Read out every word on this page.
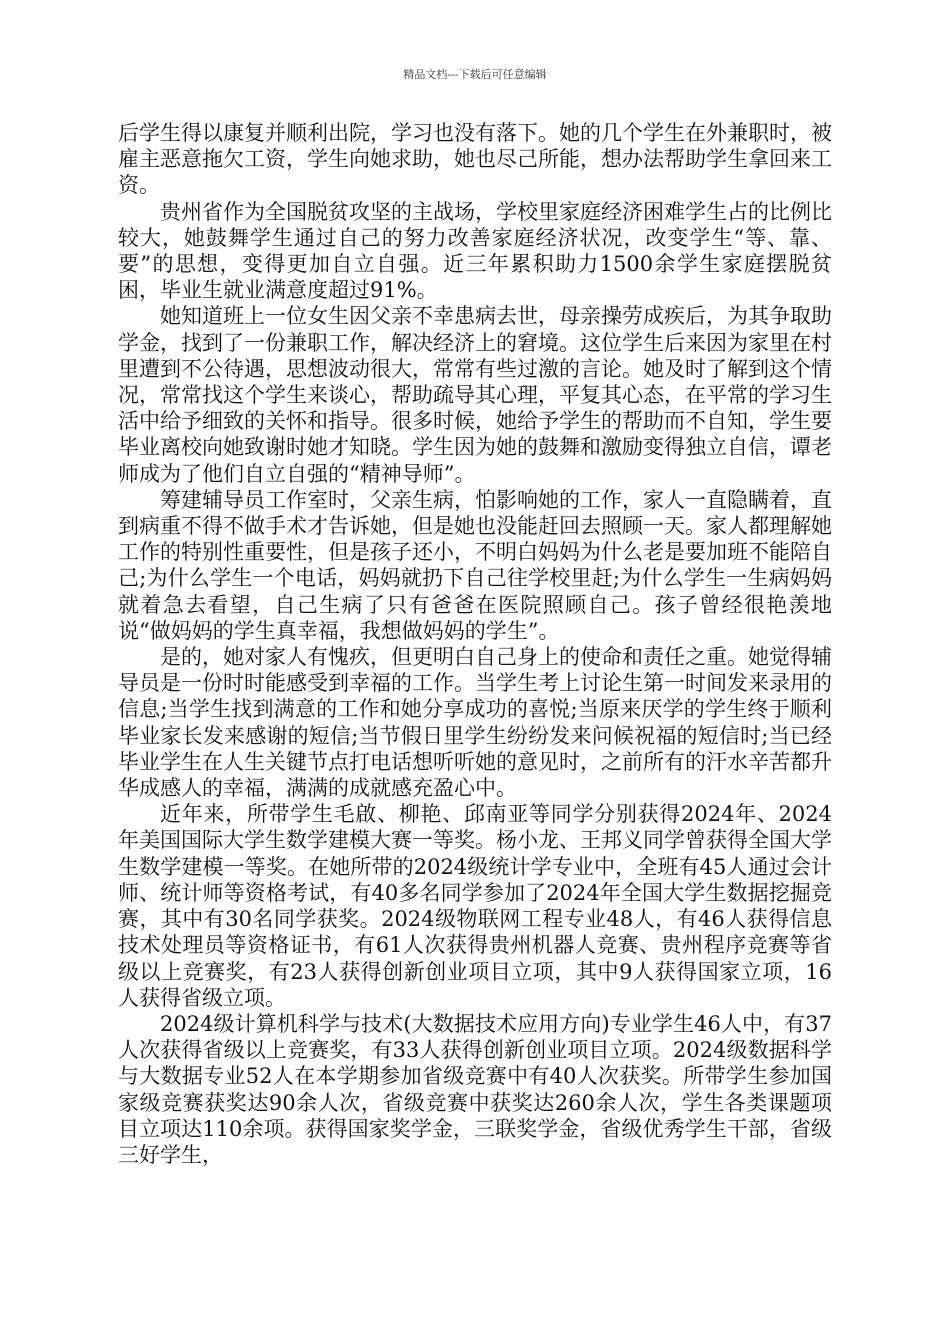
精品文档---下载后可任意编辑

后学生得以康复并顺利出院，学习也没有落下。她的几个学生在外兼职时，被雇主恶意拖欠工资，学生向她求助，她也尽己所能，想办法帮助学生拿回来工资。

贵州省作为全国脱贫攻坚的主战场，学校里家庭经济困难学生占的比例比较大，她鼓舞学生通过自己的努力改善家庭经济状况，改变学生“等、靠、要”的思想，变得更加自立自强。近三年累积助力1500余学生家庭摆脱贫困，毕业生就业满意度超过91%。

她知道班上一位女生因父亲不幸患病去世，母亲操劳成疾后，为其争取助学金，找到了一份兼职工作，解决经济上的窘境。这位学生后来因为家里在村里遭到不公待遇，思想波动很大，常常有些过激的言论。她及时了解到这个情况，常常找这个学生来谈心，帮助疏导其心理，平复其心态，在平常的学习生活中给予细致的关怀和指导。很多时候，她给予学生的帮助而不自知，学生要毕业离校向她致谢时她才知晓。学生因为她的鼓舞和激励变得独立自信，谭老师成为了他们自立自强的“精神导师”。

筹建辅导员工作室时，父亲生病，怕影响她的工作，家人一直隐瞒着，直到病重不得不做手术才告诉她，但是她也没能赶回去照顾一天。家人都理解她工作的特别性重要性，但是孩子还小，不明白妈妈为什么老是要加班不能陪自己;为什么学生一个电话，妈妈就扔下自己往学校里赶;为什么学生一生病妈妈就着急去看望，自己生病了只有爸爸在医院照顾自己。孩子曾经很艳羡地说“做妈妈的学生真幸福，我想做妈妈的学生”。

是的，她对家人有愧疚，但更明白自己身上的使命和责任之重。她觉得辅导员是一份时时能感受到幸福的工作。当学生考上讨论生第一时间发来录用的信息;当学生找到满意的工作和她分享成功的喜悦;当原来厌学的学生终于顺利毕业家长发来感谢的短信;当节假日里学生纷纷发来问候祝福的短信时;当已经毕业学生在人生关键节点打电话想听听她的意见时，之前所有的汗水辛苦都升华成感人的幸福，满满的成就感充盈心中。

近年来，所带学生毛啟、柳艳、邱南亚等同学分别获得2024年、2024年美国国际大学生数学建模大赛一等奖。杨小龙、王邦义同学曾获得全国大学生数学建模一等奖。在她所带的2024级统计学专业中，全班有45人通过会计师、统计师等资格考试，有40多名同学参加了2024年全国大学生数据挖掘竞赛，其中有30名同学获奖。2024级物联网工程专业48人，有46人获得信息技术处理员等资格证书，有61人次获得贵州机器人竞赛、贵州程序竞赛等省级以上竞赛奖，有23人获得创新创业项目立项，其中9人获得国家立项，16人获得省级立项。

2024级计算机科学与技术(大数据技术应用方向)专业学生46人中，有37人次获得省级以上竞赛奖，有33人获得创新创业项目立项。2024级数据科学与大数据专业52人在本学期参加省级竞赛中有40人次获奖。所带学生参加国家级竞赛获奖达90余人次，省级竞赛中获奖达260余人次，学生各类课题项目立项达110余项。获得国家奖学金，三联奖学金，省级优秀学生干部，省级三好学生，
